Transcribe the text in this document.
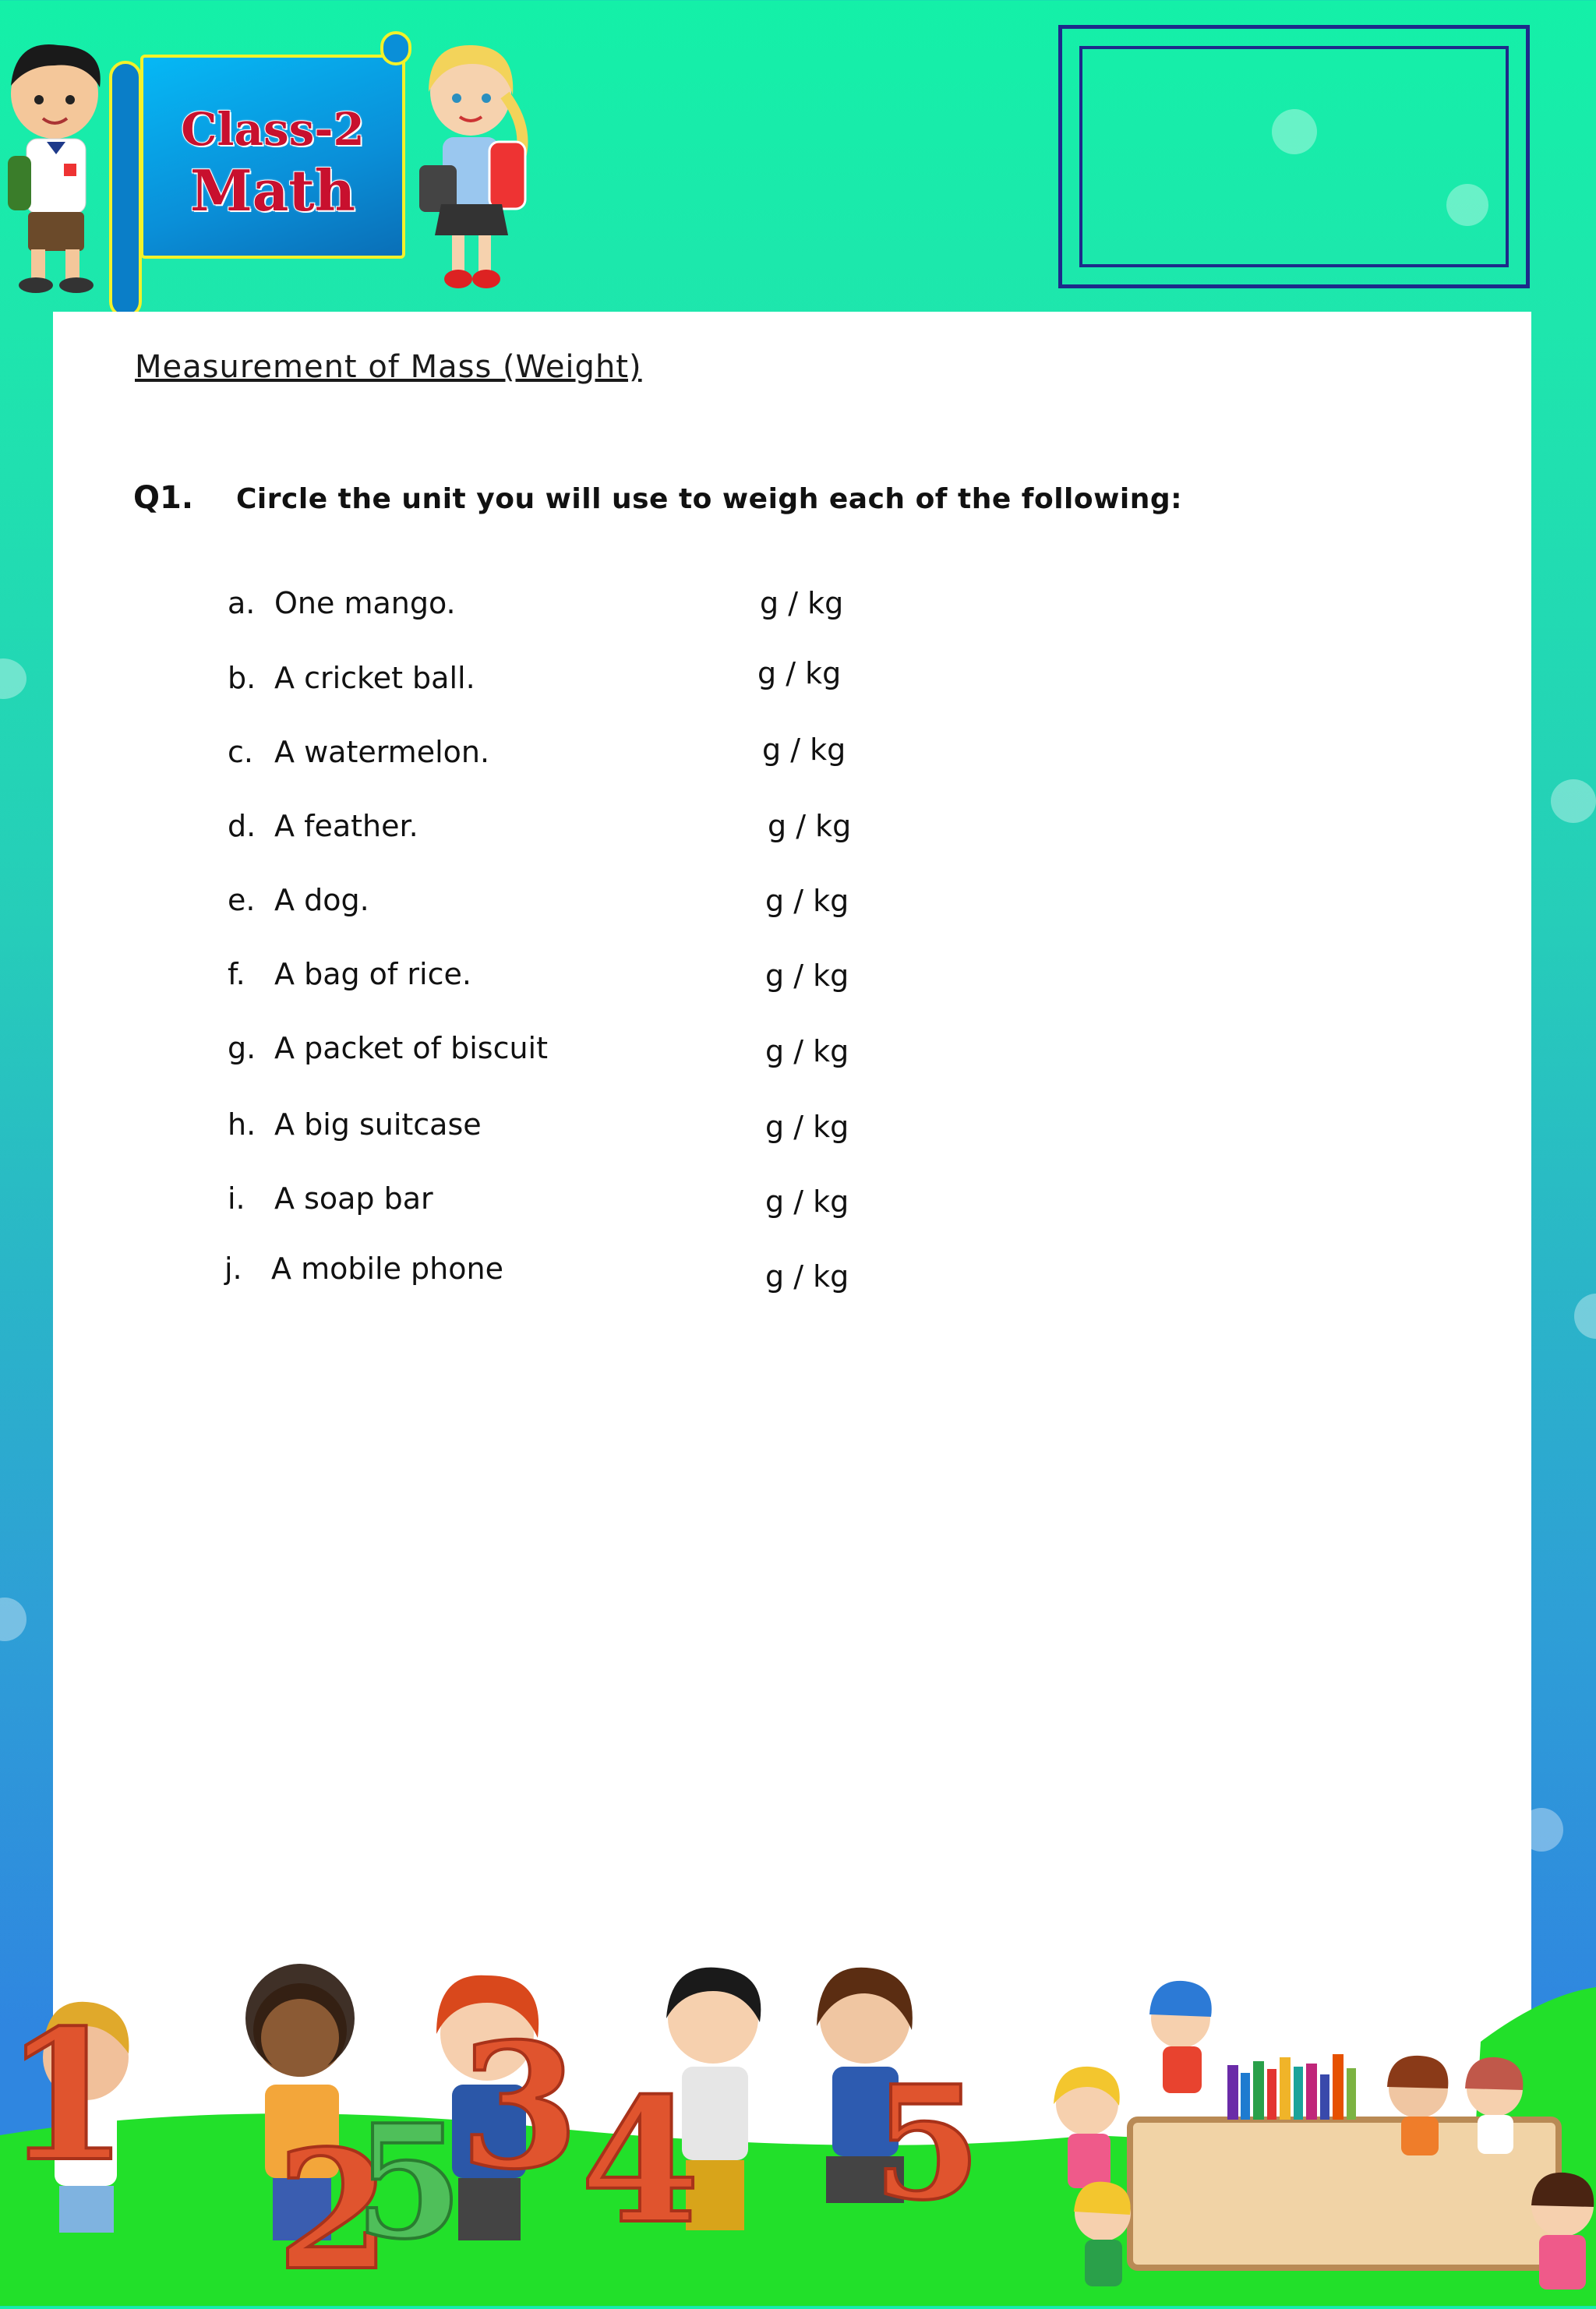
Class-2
Math
Measurement of Mass (Weight)
Q1. Circle the unit you will use to weigh each of the following:
a. One mango.	g / kg
b. A cricket ball.	g / kg
c. A watermelon.	g / kg
d. A feather.	g / kg
e. A dog.	g / kg
f. A bag of rice.	g / kg
g. A packet of biscuit	g / kg
h. A big suitcase	g / kg
i. A soap bar	g / kg
j. A mobile phone	g / kg
1
2
5
3 4 5
